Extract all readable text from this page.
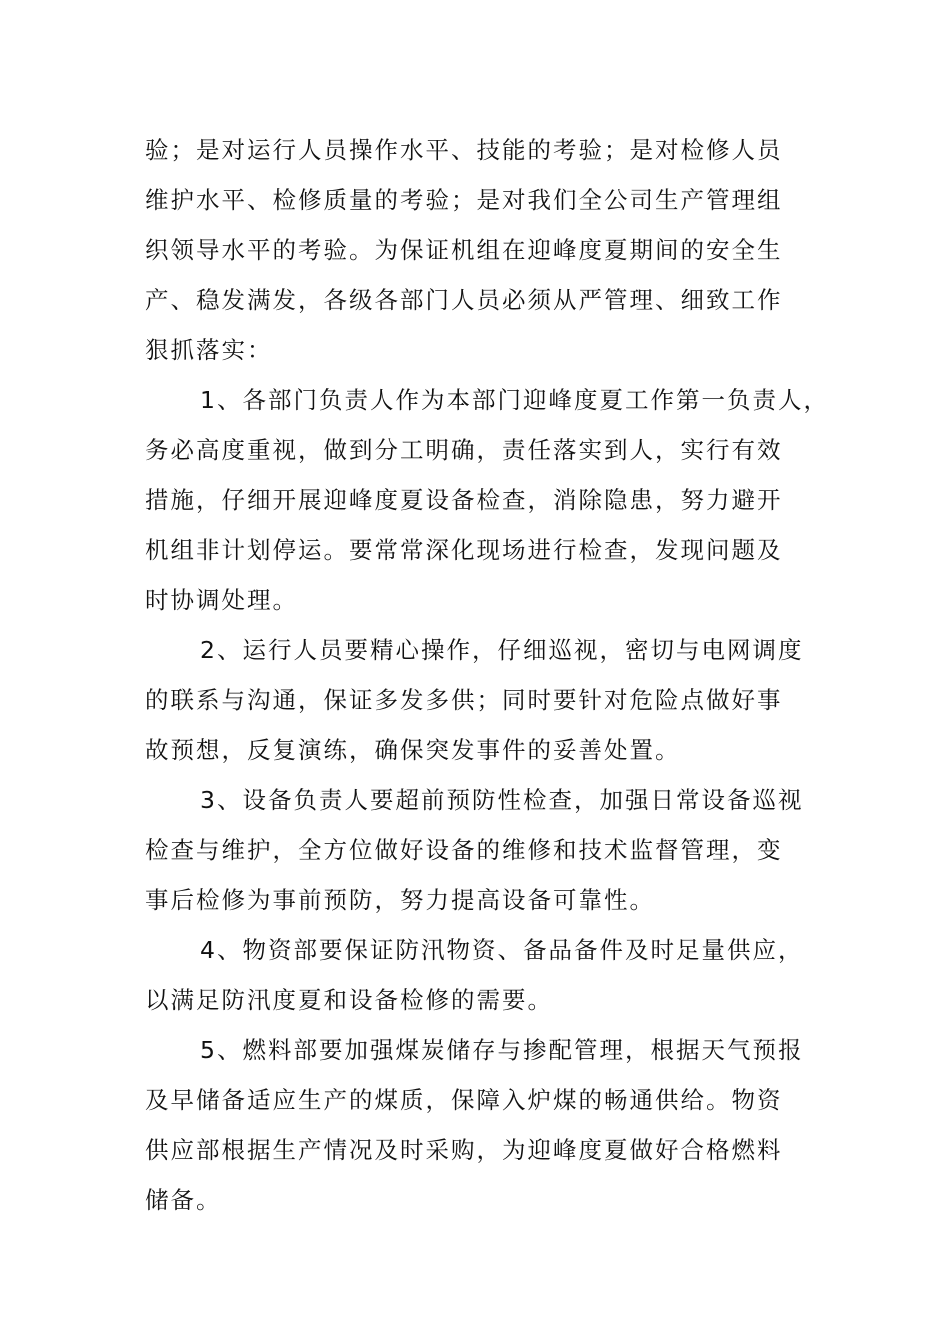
验；是对运行人员操作水平、技能的考验；是对检修人员
维护水平、检修质量的考验；是对我们全公司生产管理组
织领导水平的考验。为保证机组在迎峰度夏期间的安全生
产、稳发满发，各级各部门人员必须从严管理、细致工作
狠抓落实：
1、各部门负责人作为本部门迎峰度夏工作第一负责人，
务必高度重视，做到分工明确，责任落实到人，实行有效
措施，仔细开展迎峰度夏设备检查，消除隐患，努力避开
机组非计划停运。要常常深化现场进行检查，发现问题及
时协调处理。
2、运行人员要精心操作，仔细巡视，密切与电网调度
的联系与沟通，保证多发多供；同时要针对危险点做好事
故预想，反复演练，确保突发事件的妥善处置。
3、设备负责人要超前预防性检查，加强日常设备巡视
检查与维护，全方位做好设备的维修和技术监督管理，变
事后检修为事前预防，努力提高设备可靠性。
4、物资部要保证防汛物资、备品备件及时足量供应，
以满足防汛度夏和设备检修的需要。
5、燃料部要加强煤炭储存与掺配管理，根据天气预报
及早储备适应生产的煤质，保障入炉煤的畅通供给。物资
供应部根据生产情况及时采购，为迎峰度夏做好合格燃料
储备。
